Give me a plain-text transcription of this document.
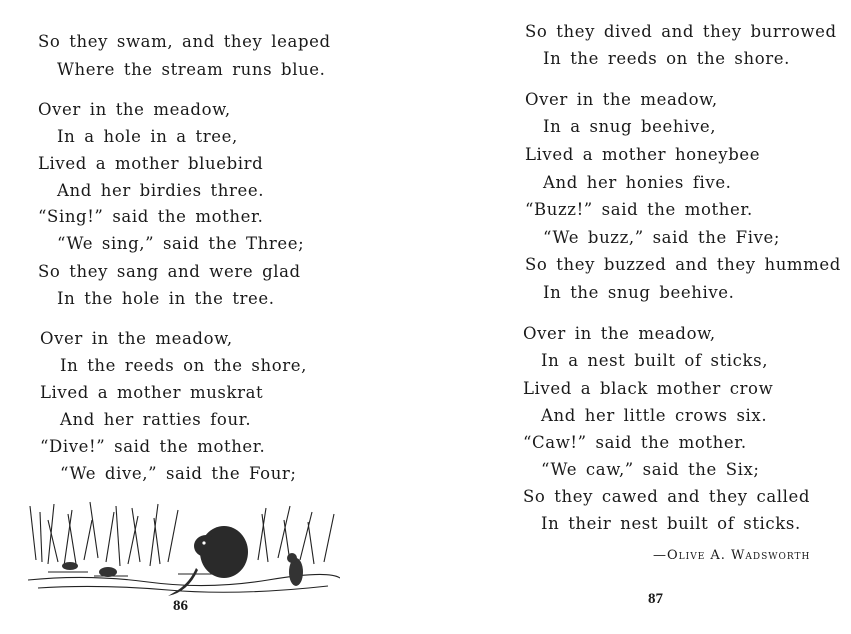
So they swam, and they leaped
Where the stream runs blue.
Over in the meadow,
In a hole in a tree,
Lived a mother bluebird
And her birdies three.
“Sing!” said the mother.
“We sing,” said the Three;
So they sang and were glad
In the hole in the tree.
Over in the meadow,
In the reeds on the shore,
Lived a mother muskrat
And her ratties four.
“Dive!” said the mother.
“We dive,” said the Four;
86
So they dived and they burrowed
In the reeds on the shore.
Over in the meadow,
In a snug beehive,
Lived a mother honeybee
And her honies five.
“Buzz!” said the mother.
“We buzz,” said the Five;
So they buzzed and they hummed
In the snug beehive.
Over in the meadow,
In a nest built of sticks,
Lived a black mother crow
And her little crows six.
“Caw!” said the mother.
“We caw,” said the Six;
So they cawed and they called
In their nest built of sticks.
—Olive A. Wadsworth
87
